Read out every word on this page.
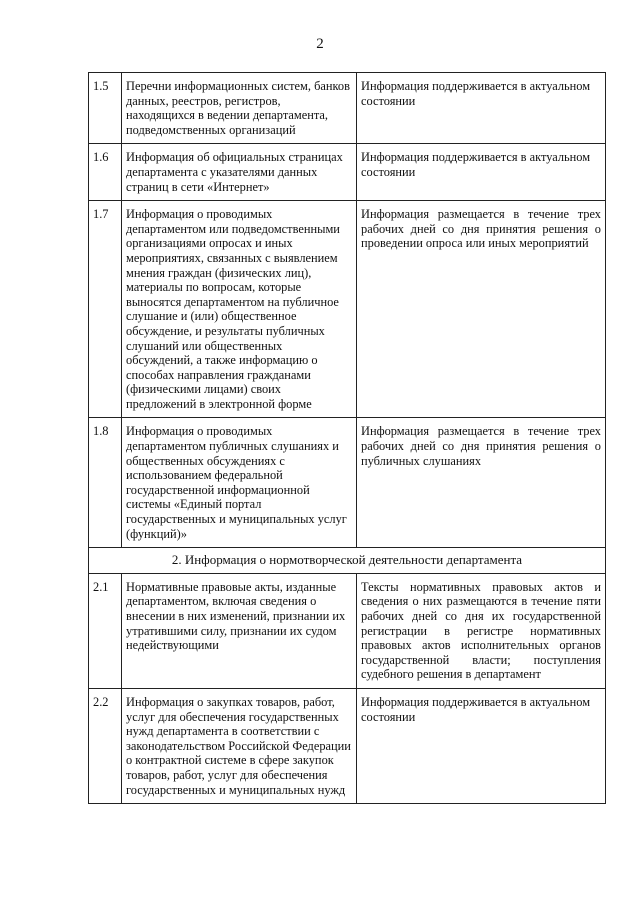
2
1.5	Перечни информационных систем, банков данных, реестров, регистров, находящихся в ведении департамента, подведомственных организаций	Информация поддерживается в актуальном состоянии
1.6	Информация об официальных страницах департамента с указателями данных страниц в сети «Интернет»	Информация поддерживается в актуальном состоянии
1.7	Информация о проводимых департаментом или подведомственными организациями опросах и иных мероприятиях, связанных с выявлением мнения граждан (физических лиц), материалы по вопросам, которые выносятся департаментом на публичное слушание и (или) общественное обсуждение, и результаты публичных слушаний или общественных обсуждений, а также информацию о способах направления гражданами (физическими лицами) своих предложений в электронной форме	Информация размещается в течение трех рабочих дней со дня принятия решения о проведении опроса или иных мероприятий
1.8	Информация о проводимых департаментом публичных слушаниях и общественных обсуждениях с использованием федеральной государственной информационной системы «Единый портал государственных и муниципальных услуг (функций)»	Информация размещается в течение трех рабочих дней со дня принятия решения о публичных слушаниях
2. Информация о нормотворческой деятельности департамента		
2.1	Нормативные правовые акты, изданные департаментом, включая сведения о внесении в них изменений, признании их утратившими силу, признании их судом недействующими	Тексты нормативных правовых актов и сведения о них размещаются в течение пяти рабочих дней со дня их государственной регистрации в регистре нормативных правовых актов исполнительных органов государственной власти; поступления судебного решения в департамент
2.2	Информация о закупках товаров, работ, услуг для обеспечения государственных нужд департамента в соответствии с законодательством Российской Федерации о контрактной системе в сфере закупок товаров, работ, услуг для обеспечения государственных и муниципальных нужд	Информация поддерживается в актуальном состоянии
